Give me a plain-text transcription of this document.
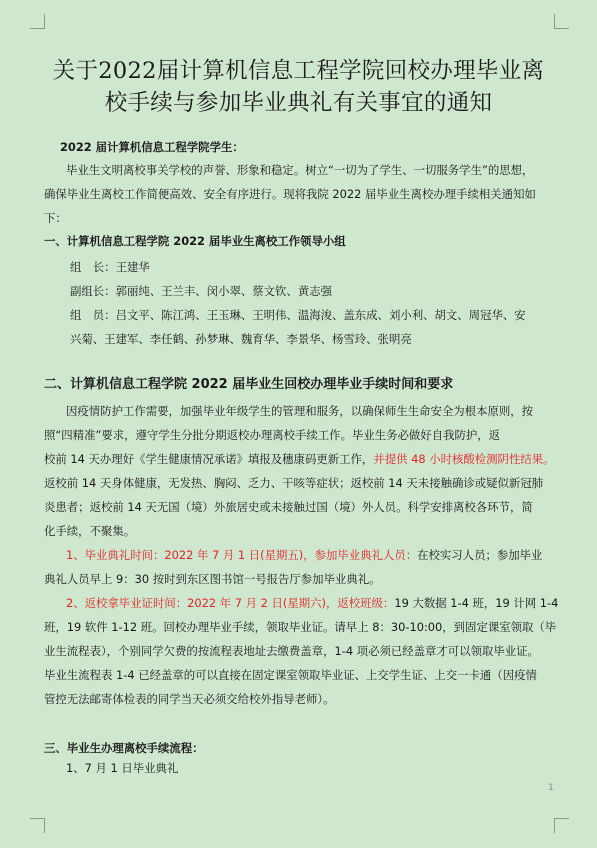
关于2022届计算机信息工程学院回校办理毕业离
校手续与参加毕业典礼有关事宜的通知
2022 届计算机信息工程学院学生：
毕业生文明离校事关学校的声誉、形象和稳定。树立“一切为了学生、一切服务学生”的思想，
确保毕业生离校工作简便高效、安全有序进行。现将我院 2022 届毕业生离校办理手续相关通知如
下：
一、计算机信息工程学院 2022 届毕业生离校工作领导小组
组　长：王建华
副组长：郭丽纯、王兰丰、闵小翠、蔡文钦、黄志强
组　员：吕文平、陈江鸿、王玉琳、王明伟、温海浚、盖东成、刘小利、胡文、周冠华、安
兴菊、王建军、李任鹤、孙梦琳、魏育华、李景华、杨雪玲、张明亮
二、计算机信息工程学院 2022 届毕业生回校办理毕业手续时间和要求
因疫情防护工作需要，加强毕业年级学生的管理和服务，以确保师生生命安全为根本原则，按
照“四精准”要求，遵守学生分批分期返校办理离校手续工作。毕业生务必做好自我防护，返
校前 14 天办理好《学生健康情况承诺》填报及穗康码更新工作，并提供 48 小时核酸检测阴性结果。
返校前 14 天身体健康，无发热、胸闷、乏力、干咳等症状；返校前 14 天未接触确诊或疑似新冠肺
炎患者；返校前 14 天无国（境）外旅居史或未接触过国（境）外人员。科学安排离校各环节，简
化手续，不聚集。
1、毕业典礼时间：2022 年 7 月 1 日(星期五)，参加毕业典礼人员：在校实习人员；参加毕业
典礼人员早上 9：30 按时到东区图书馆一号报告厅参加毕业典礼。
2、返校拿毕业证时间：2022 年 7 月 2 日(星期六)，返校班级：19 大数据 1-4 班，19 计网 1-4
班，19 软件 1-12 班。回校办理毕业手续，领取毕业证。请早上 8：30-10:00，到固定课室领取（毕
业生流程表），个别同学欠费的按流程表地址去缴费盖章，1-4 项必须已经盖章才可以领取毕业证。
毕业生流程表 1-4 已经盖章的可以直接在固定课室领取毕业证、上交学生证、上交一卡通（因疫情
管控无法邮寄体检表的同学当天必须交给校外指导老师）。
三、毕业生办理离校手续流程：
1、7 月 1 日毕业典礼
1
